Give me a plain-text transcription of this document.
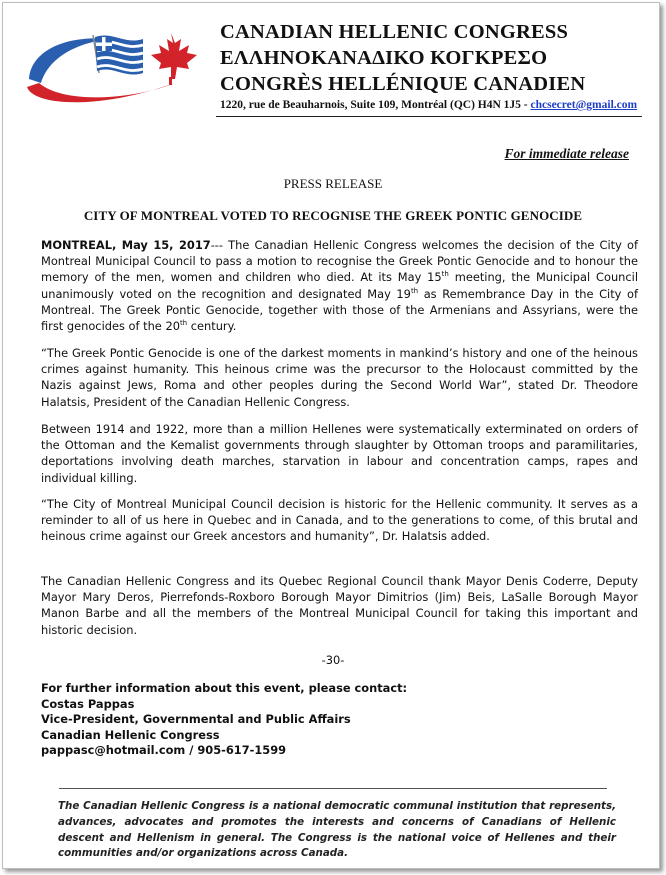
CANADIAN HELLENIC CONGRESS
ΕΛΛΗΝΟΚΑΝΑΔΙΚΟ ΚΟΓΚΡΕΣΟ
CONGRÈS HELLÉNIQUE CANADIEN
1220, rue de Beauharnois, Suite 109, Montréal (QC) H4N 1J5 - chcsecret@gmail.com
For immediate release
PRESS RELEASE
CITY OF MONTREAL VOTED TO RECOGNISE THE GREEK PONTIC GENOCIDE
MONTREAL, May 15, 2017--- The Canadian Hellenic Congress welcomes the decision of the City of Montreal Municipal Council to pass a motion to recognise the Greek Pontic Genocide and to honour the memory of the men, women and children who died. At its May 15th meeting, the Municipal Council unanimously voted on the recognition and designated May 19th as Remembrance Day in the City of Montreal. The Greek Pontic Genocide, together with those of the Armenians and Assyrians, were the first genocides of the 20th century.
“The Greek Pontic Genocide is one of the darkest moments in mankind’s history and one of the heinous crimes against humanity. This heinous crime was the precursor to the Holocaust committed by the Nazis against Jews, Roma and other peoples during the Second World War”, stated Dr. Theodore Halatsis, President of the Canadian Hellenic Congress.
Between 1914 and 1922, more than a million Hellenes were systematically exterminated on orders of the Ottoman and the Kemalist governments through slaughter by Ottoman troops and paramilitaries, deportations involving death marches, starvation in labour and concentration camps, rapes and individual killing.
“The City of Montreal Municipal Council decision is historic for the Hellenic community. It serves as a reminder to all of us here in Quebec and in Canada, and to the generations to come, of this brutal and heinous crime against our Greek ancestors and humanity”, Dr. Halatsis added.
The Canadian Hellenic Congress and its Quebec Regional Council thank Mayor Denis Coderre, Deputy Mayor Mary Deros, Pierrefonds-Roxboro Borough Mayor Dimitrios (Jim) Beis, LaSalle Borough Mayor Manon Barbe and all the members of the Montreal Municipal Council for taking this important and historic decision.
-30-
For further information about this event, please contact:
Costas Pappas
Vice-President, Governmental and Public Affairs
Canadian Hellenic Congress
pappasc@hotmail.com / 905-617-1599
The Canadian Hellenic Congress is a national democratic communal institution that represents, advances, advocates and promotes the interests and concerns of Canadians of Hellenic descent and Hellenism in general. The Congress is the national voice of Hellenes and their communities and/or organizations across Canada.
